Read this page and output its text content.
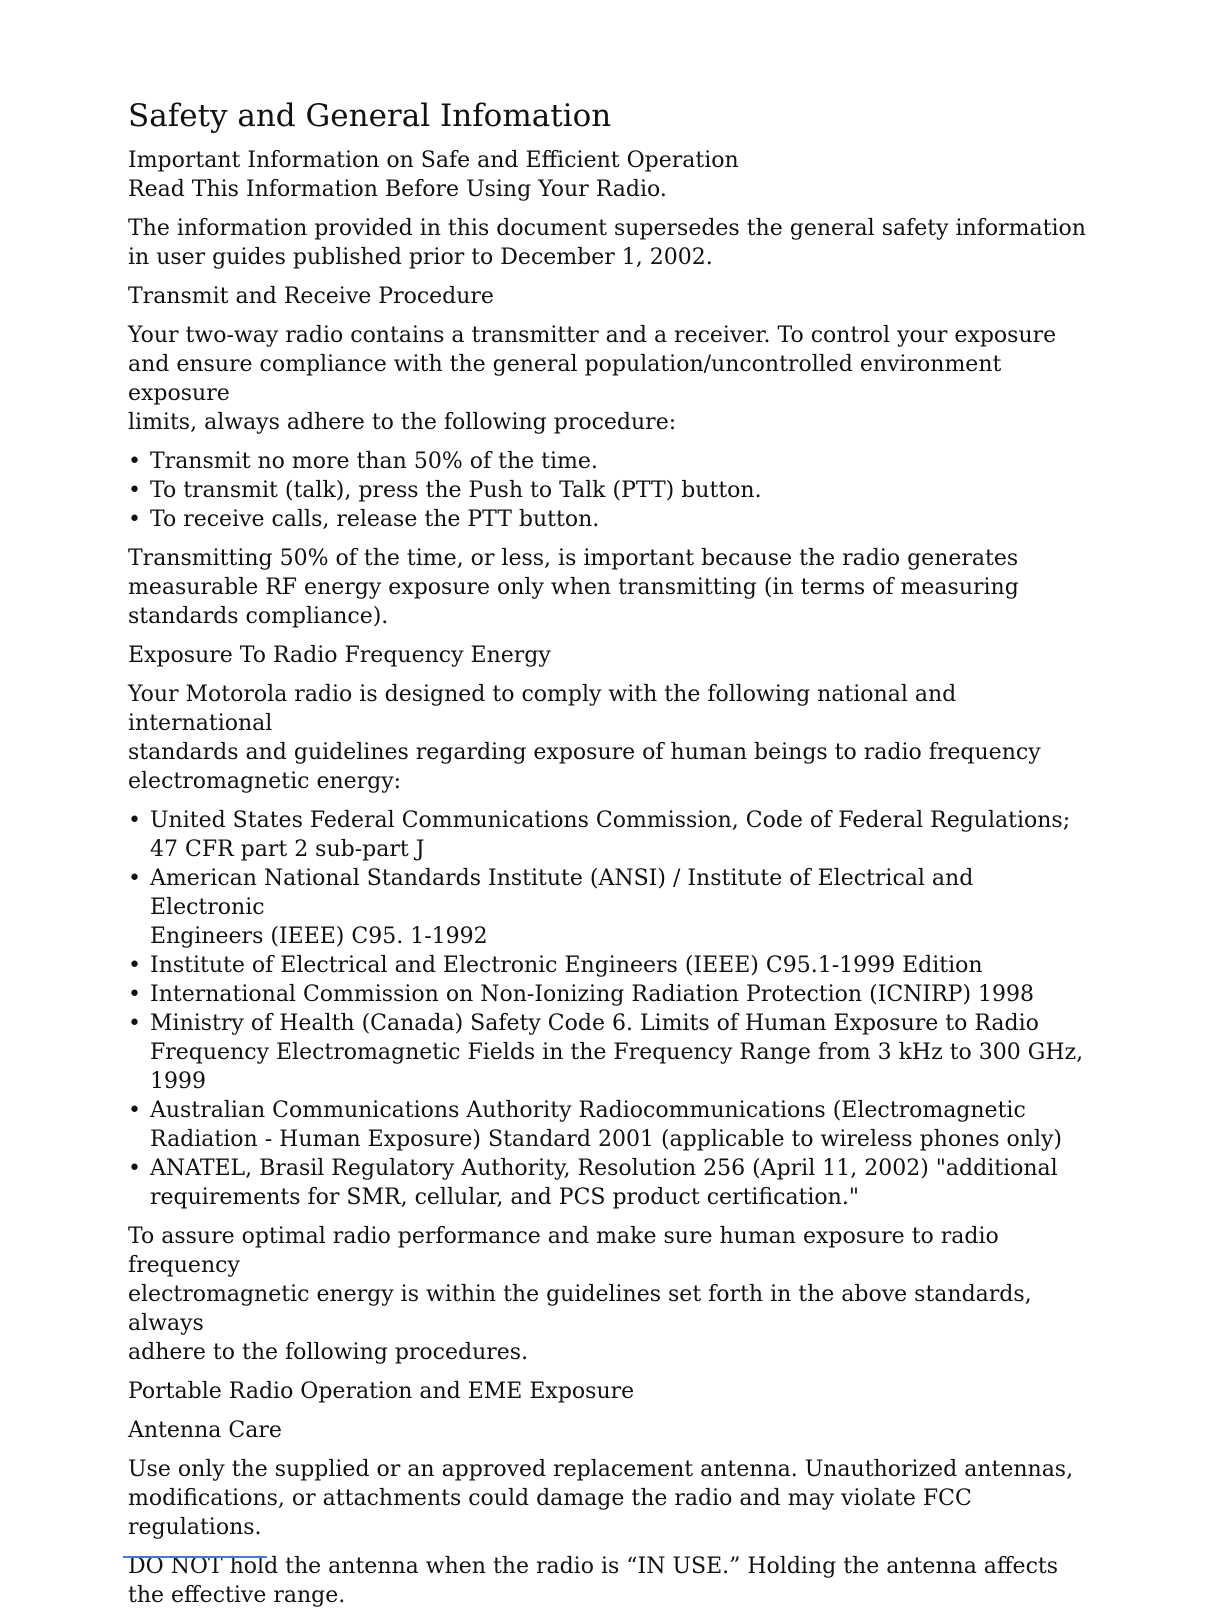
Safety and General Infomation
Important Information on Safe and Efficient Operation
Read This Information Before Using Your Radio.
The information provided in this document supersedes the general safety information
in user guides published prior to December 1, 2002.
Transmit and Receive Procedure
Your two-way radio contains a transmitter and a receiver. To control your exposure
and ensure compliance with the general population/uncontrolled environment exposure
limits, always adhere to the following procedure:
• Transmit no more than 50% of the time.
• To transmit (talk), press the Push to Talk (PTT) button.
• To receive calls, release the PTT button.
Transmitting 50% of the time, or less, is important because the radio generates
measurable RF energy exposure only when transmitting (in terms of measuring
standards compliance).
Exposure To Radio Frequency Energy
Your Motorola radio is designed to comply with the following national and international
standards and guidelines regarding exposure of human beings to radio frequency
electromagnetic energy:
• United States Federal Communications Commission, Code of Federal Regulations;
47 CFR part 2 sub-part J
• American National Standards Institute (ANSI) / Institute of Electrical and Electronic
Engineers (IEEE) C95. 1-1992
• Institute of Electrical and Electronic Engineers (IEEE) C95.1-1999 Edition
• International Commission on Non-Ionizing Radiation Protection (ICNIRP) 1998
• Ministry of Health (Canada) Safety Code 6. Limits of Human Exposure to Radio
Frequency Electromagnetic Fields in the Frequency Range from 3 kHz to 300 GHz,
1999
• Australian Communications Authority Radiocommunications (Electromagnetic
Radiation - Human Exposure) Standard 2001 (applicable to wireless phones only)
• ANATEL, Brasil Regulatory Authority, Resolution 256 (April 11, 2002) "additional
requirements for SMR, cellular, and PCS product certification."
To assure optimal radio performance and make sure human exposure to radio frequency
electromagnetic energy is within the guidelines set forth in the above standards, always
adhere to the following procedures.
Portable Radio Operation and EME Exposure
Antenna Care
Use only the supplied or an approved replacement antenna. Unauthorized antennas,
modifications, or attachments could damage the radio and may violate FCC regulations.
DO NOT hold the antenna when the radio is “IN USE.” Holding the antenna affects
the effective range.
